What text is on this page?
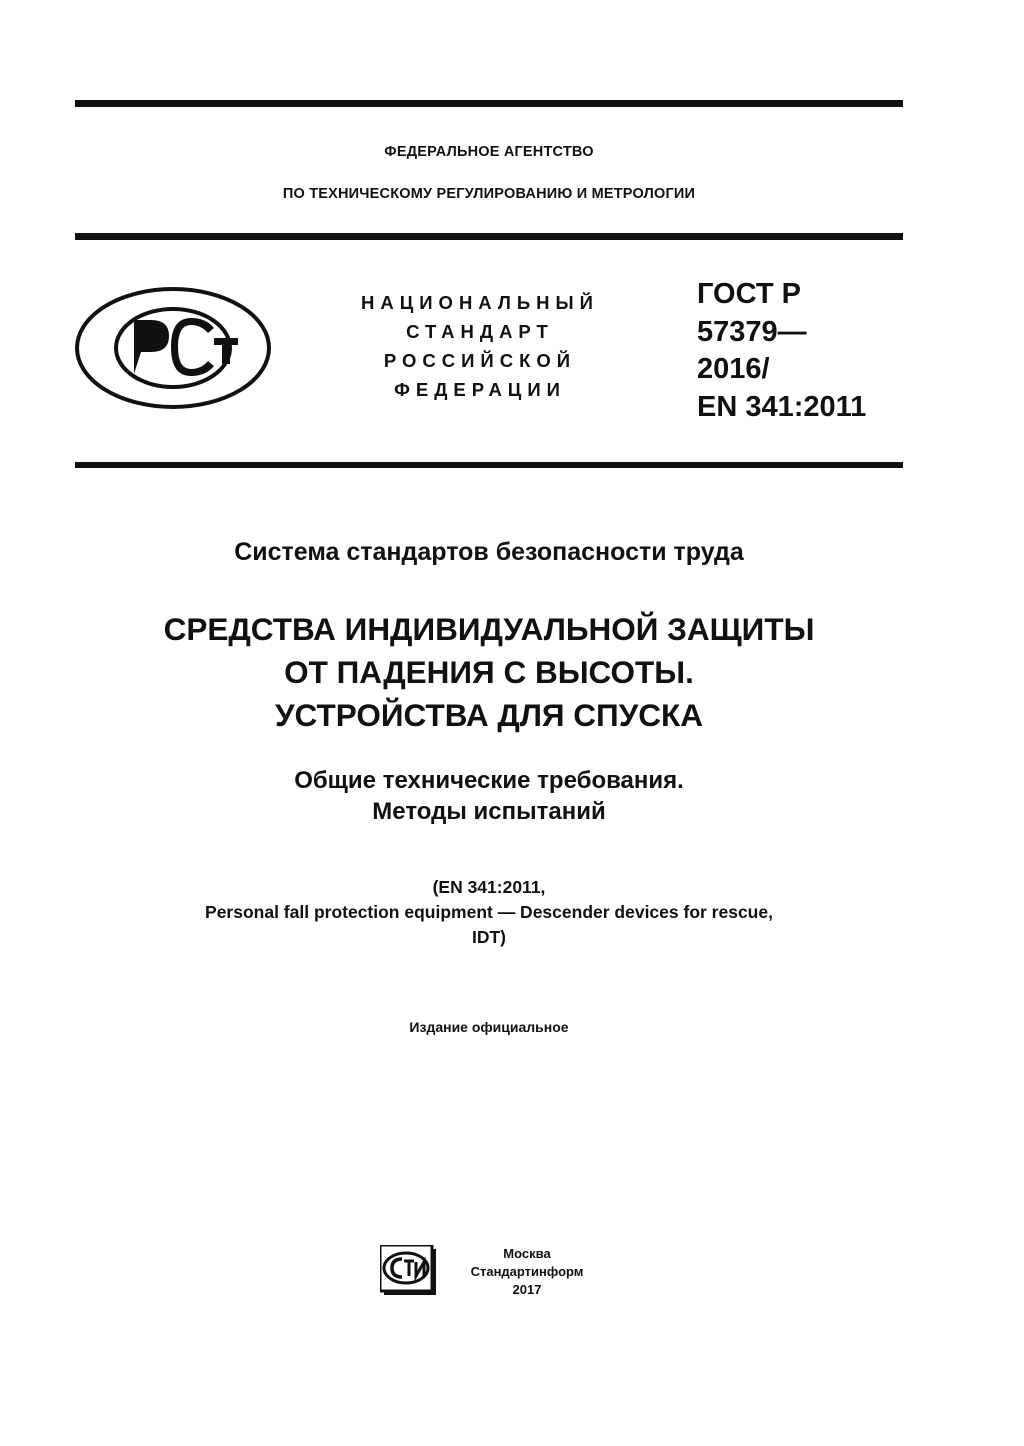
ФЕДЕРАЛЬНОЕ АГЕНТСТВО
ПО ТЕХНИЧЕСКОМУ РЕГУЛИРОВАНИЮ И МЕТРОЛОГИИ
НАЦИОНАЛЬНЫЙ
СТАНДАРТ
РОССИЙСКОЙ
ФЕДЕРАЦИИ
ГОСТ Р
57379—
2016/
EN 341:2011
Система стандартов безопасности труда
СРЕДСТВА ИНДИВИДУАЛЬНОЙ ЗАЩИТЫ
ОТ ПАДЕНИЯ С ВЫСОТЫ.
УСТРОЙСТВА ДЛЯ СПУСКА
Общие технические требования.
Методы испытаний
(EN 341:2011,
Personal fall protection equipment — Descender devices for rescue,
IDT)
Издание официальное
Москва
Стандартинформ
2017
